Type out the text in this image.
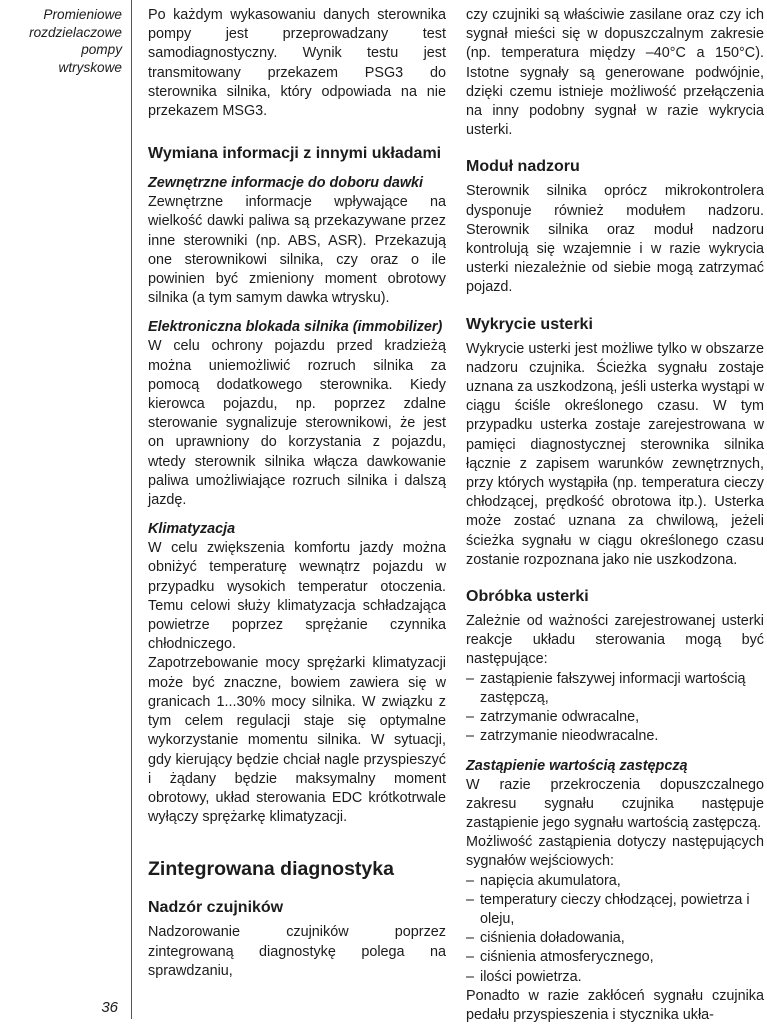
Promieniowe
rozdzielaczowe
pompy
wtryskowe
36

Po każdym wykasowaniu danych sterownika pompy jest przeprowadzany test samodiagnostyczny. Wynik testu jest transmitowany przekazem PSG3 do sterownika silnika, który odpowiada na nie przekazem MSG3.

Wymiana informacji z innymi układami
Zewnętrzne informacje do doboru dawki

Zewnętrzne informacje wpływające na wielkość dawki paliwa są przekazywane przez inne sterowniki (np. ABS, ASR). Przekazują one sterownikowi silnika, czy oraz o ile powinien być zmieniony moment obrotowy silnika (a tym samym dawka wtrysku).

Elektroniczna blokada silnika (immobilizer)

W celu ochrony pojazdu przed kradzieżą można uniemożliwić rozruch silnika za pomocą dodatkowego sterownika. Kiedy kierowca pojazdu, np. poprzez zdalne sterowanie sygnalizuje sterownikowi, że jest on uprawniony do korzystania z pojazdu, wtedy sterownik silnika włącza dawkowanie paliwa umożliwiające rozruch silnika i dalszą jazdę.

Klimatyzacja

W celu zwiększenia komfortu jazdy można obniżyć temperaturę wewnątrz pojazdu w przypadku wysokich temperatur otoczenia. Temu celowi służy klimatyzacja schładzająca powietrze poprzez sprężanie czynnika chłodniczego.

Zapotrzebowanie mocy sprężarki klimatyzacji może być znaczne, bowiem zawiera się w granicach 1...30% mocy silnika. W związku z tym celem regulacji staje się optymalne wykorzystanie momentu silnika. W sytuacji, gdy kierujący będzie chciał nagle przyspieszyć i żądany będzie maksymalny moment obrotowy, układ sterowania EDC krótkotrwale wyłączy sprężarkę klimatyzacji.

Zintegrowana diagnostyka
Nadzór czujników

Nadzorowanie czujników poprzez zintegrowaną diagnostykę polega na sprawdzaniu,

czy czujniki są właściwie zasilane oraz czy ich sygnał mieści się w dopuszczalnym zakresie (np. temperatura między –40°C a 150°C). Istotne sygnały są generowane podwójnie, dzięki czemu istnieje możliwość przełączenia na inny podobny sygnał w razie wykrycia usterki.

Moduł nadzoru

Sterownik silnika oprócz mikrokontrolera dysponuje również modułem nadzoru. Sterownik silnika oraz moduł nadzoru kontrolują się wzajemnie i w razie wykrycia usterki niezależnie od siebie mogą zatrzymać pojazd.

Wykrycie usterki

Wykrycie usterki jest możliwe tylko w obszarze nadzoru czujnika. Ścieżka sygnału zostaje uznana za uszkodzoną, jeśli usterka wystąpi w ciągu ściśle określonego czasu. W tym przypadku usterka zostaje zarejestrowana w pamięci diagnostycznej sterownika silnika łącznie z zapisem warunków zewnętrznych, przy których wystąpiła (np. temperatura cieczy chłodzącej, prędkość obrotowa itp.). Usterka może zostać uznana za chwilową, jeżeli ścieżka sygnału w ciągu określonego czasu zostanie rozpoznana jako nie uszkodzona.

Obróbka usterki

Zależnie od ważności zarejestrowanej usterki reakcje układu sterowania mogą być następujące:

– zastąpienie fałszywej informacji wartością zastępczą,
– zatrzymanie odwracalne,
– zatrzymanie nieodwracalne.
Zastąpienie wartością zastępczą

W razie przekroczenia dopuszczalnego zakresu sygnału czujnika następuje zastąpienie jego sygnału wartością zastępczą.

Możliwość zastąpienia dotyczy następujących sygnałów wejściowych:

– napięcia akumulatora,
– temperatury cieczy chłodzącej, powietrza i oleju,
– ciśnienia doładowania,
– ciśnienia atmosferycznego,
– ilości powietrza.

Ponadto w razie zakłóceń sygnału czujnika pedału przyspieszenia i stycznika ukła-
